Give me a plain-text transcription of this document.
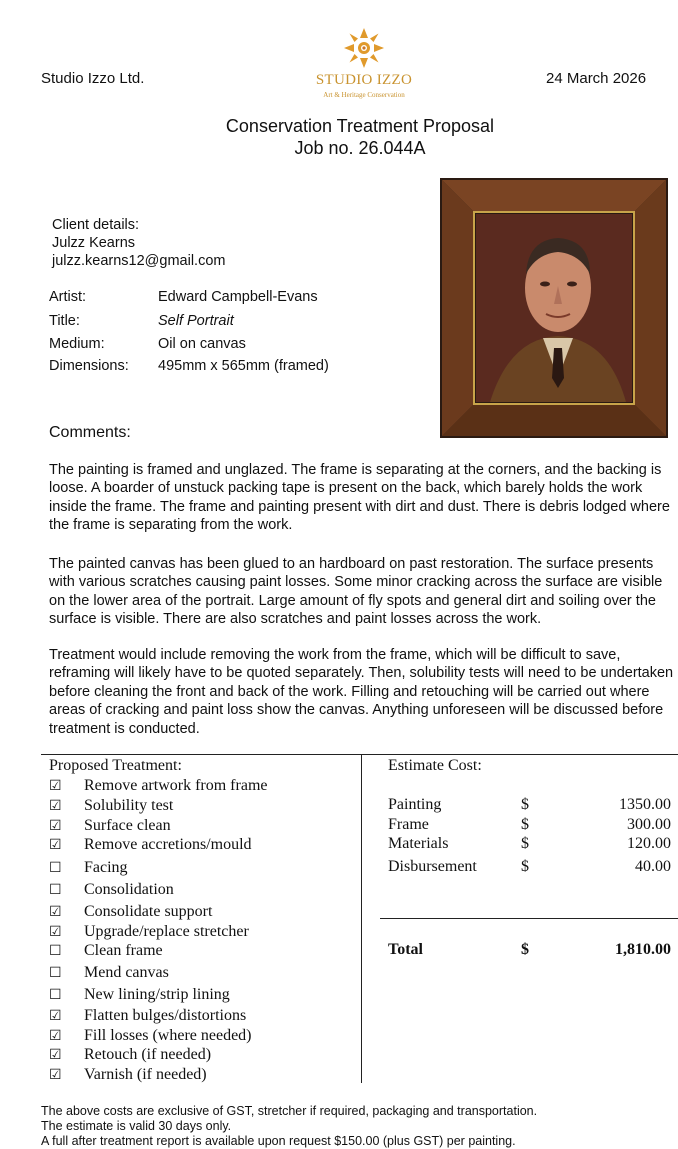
Studio Izzo Ltd.	STUDIO IZZO
Art & Heritage Conservation
24 March 2026
Conservation Treatment Proposal
Job no. 26.044A
Client details:
Julzz Kearns
julzz.kearns12@gmail.com
Artist:	Edward Campbell-Evans
Title:	Self Portrait
Medium:	Oil on canvas
Dimensions: 495mm x 565mm (framed)
Comments:

The painting is framed and unglazed. The frame is separating at the corners, and the backing is loose. A boarder of unstuck packing tape is present on the back, which barely holds the work inside the frame. The frame and painting present with dirt and dust. There is debris lodged where the frame is separating from the work.

The painted canvas has been glued to an hardboard on past restoration. The surface presents with various scratches causing paint losses. Some minor cracking across the surface are visible on the lower area of the portrait. Large amount of fly spots and general dirt and soiling over the surface is visible. There are also scratches and paint losses across the work.

Treatment would include removing the work from the frame, which will be difficult to save, reframing will likely have to be quoted separately. Then, solubility tests will need to be undertaken before cleaning the front and back of the work. Filling and retouching will be carried out where areas of cracking and paint loss show the canvas. Anything unforeseen will be discussed before treatment is conducted.

Proposed Treatment:
☑	Remove artwork from frame
☑	Solubility test
☑	Surface clean
☑	Remove accretions/mould
☐	Facing
☐	Consolidation
☑	Consolidate support
☑	Upgrade/replace stretcher
☐	Clean frame
☐	Mend canvas
☐	New lining/strip lining
☑	Flatten bulges/distortions
☑	Fill losses (where needed)
☑	Retouch (if needed)
☑	Varnish (if needed)
Estimate Cost:
Painting	$	1350.00
Frame	$	300.00
Materials	$	120.00
Disbursement	$	40.00
Total	$	1,810.00
The above costs are exclusive of GST, stretcher if required, packaging and transportation.
The estimate is valid 30 days only.
A full after treatment report is available upon request $150.00 (plus GST) per painting.
